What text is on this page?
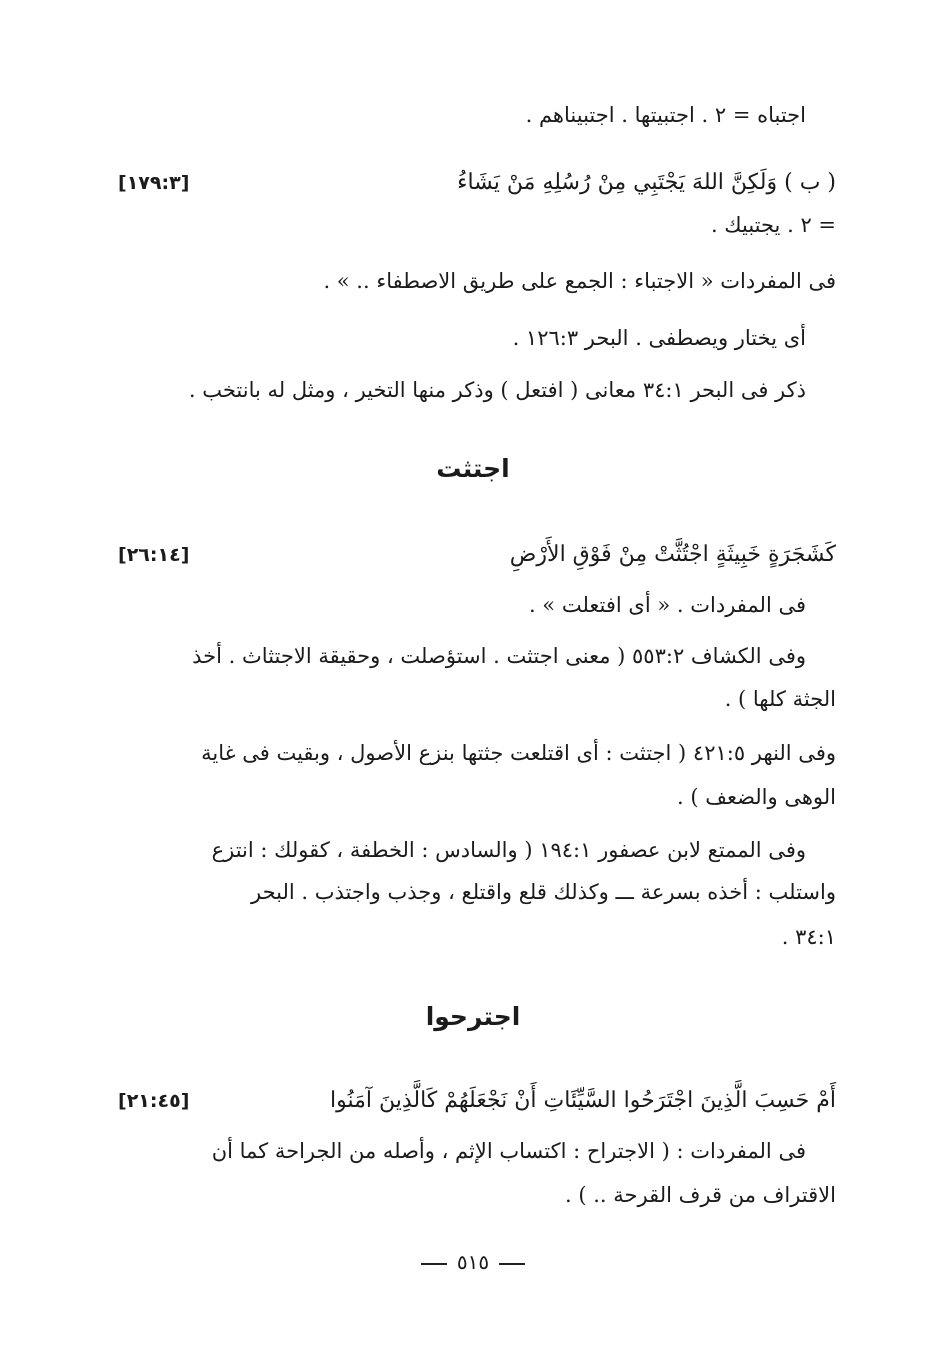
اجتباه = ٢ . اجتبيتها . اجتبيناهم .
( ب ) وَلَكِنَّ اللهَ يَجْتَبِي مِنْ رُسُلِهِ مَنْ يَشَاءُ
[١٧٩:٣]
= ٢ . يجتبيك .
فى المفردات « الاجتباء : الجمع على طريق الاصطفاء .. » .
أى يختار ويصطفى . البحر ١٢٦:٣ .
ذكر فى البحر ٣٤:١ معانى ( افتعل ) وذكر منها التخير ، ومثل له بانتخب .
اجتثت
كَشَجَرَةٍ خَبِيثَةٍ اجْتُثَّتْ مِنْ فَوْقِ الأَرْضِ
[٢٦:١٤]
فى المفردات . « أى افتعلت » .
وفى الكشاف ٥٥٣:٢ ( معنى اجتثت . استؤصلت ، وحقيقة الاجتثاث . أخذ
الجثة كلها ) .
وفى النهر ٤٢١:٥ ( اجتثت : أى اقتلعت جثتها بنزع الأصول ، وبقيت فى غاية
الوهى والضعف ) .
وفى الممتع لابن عصفور ١٩٤:١ ( والسادس : الخطفة ، كقولك : انتزع
واستلب : أخذه بسرعة ـــ وكذلك قلع واقتلع ، وجذب واجتذب . البحر
٣٤:١ .
اجترحوا
أَمْ حَسِبَ الَّذِينَ اجْتَرَحُوا السَّيِّئَاتِ أَنْ نَجْعَلَهُمْ كَالَّذِينَ آمَنُوا
[٢١:٤٥]
فى المفردات : ( الاجتراح : اكتساب الإثم ، وأصله من الجراحة كما أن
الاقتراف من قرف القرحة .. ) .
٥١٥
